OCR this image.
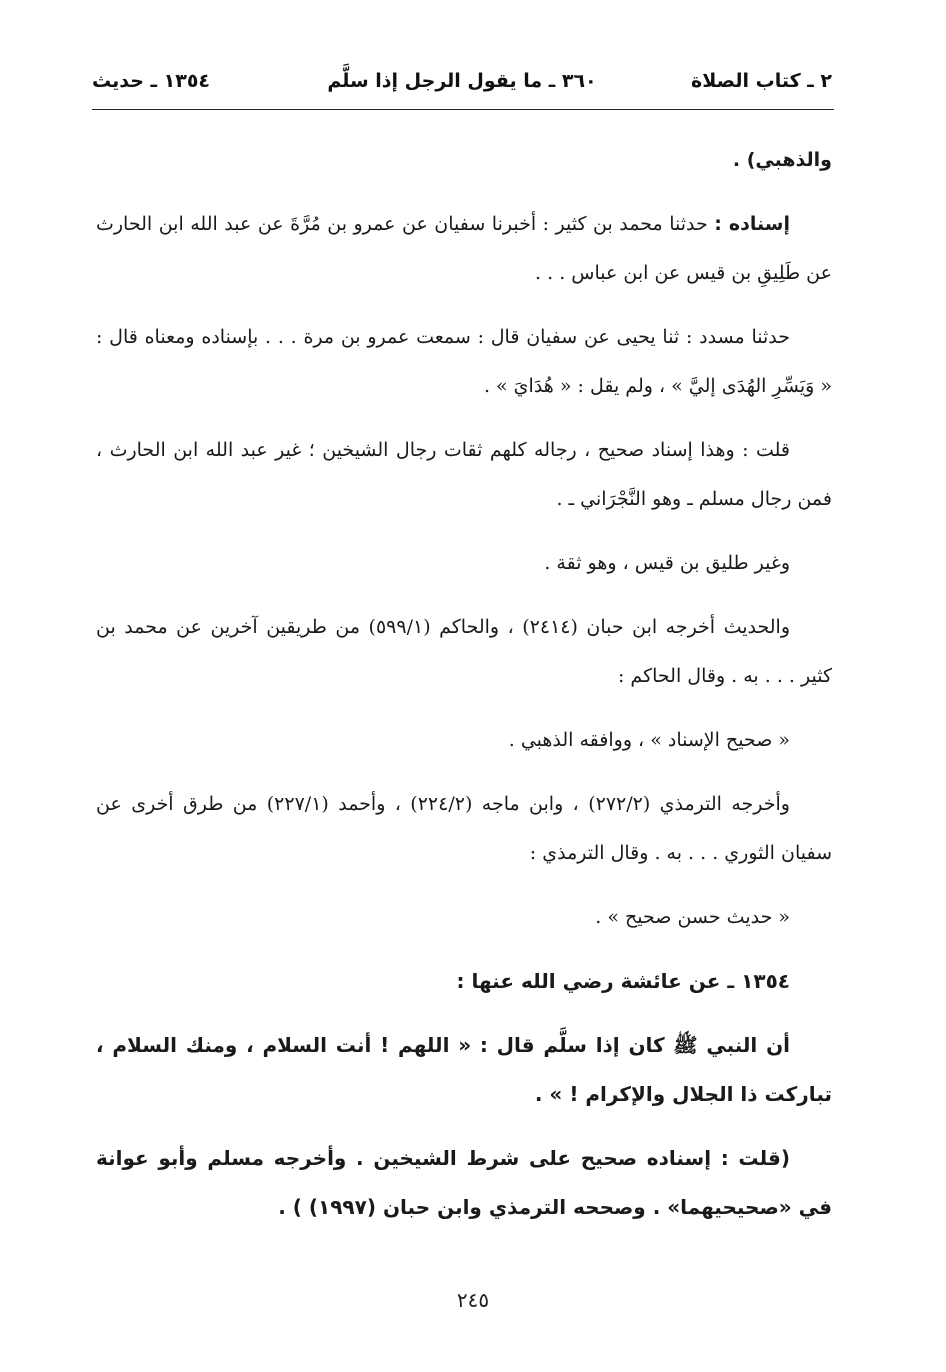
٢ ـ كتاب الصلاة
٣٦٠ ـ ما يقول الرجل إذا سلَّم
١٣٥٤ ـ حديث

والذهبي) .

إسناده : حدثنا محمد بن كثير : أخبرنا سفيان عن عمرو بن مُرَّةَ عن عبد الله ابن الحارث عن طَلِيقِ بن قيس عن ابن عباس . . .

حدثنا مسدد : ثنا يحيى عن سفيان قال : سمعت عمرو بن مرة . . . بإسناده ومعناه قال : « وَيَسِّرِ الهُدَى إليَّ » ، ولم يقل : « هُدَايَ » .

قلت : وهذا إسناد صحيح ، رجاله كلهم ثقات رجال الشيخين ؛ غير عبد الله ابن الحارث ، فمن رجال مسلم ـ وهو النَّجْرَاني ـ .

وغير طليق بن قيس ، وهو ثقة .

والحديث أخرجه ابن حبان (٢٤١٤) ، والحاكم (٥٩٩/١) من طريقين آخرين عن محمد بن كثير . . . به . وقال الحاكم :

« صحيح الإسناد » ، ووافقه الذهبي .

وأخرجه الترمذي (٢٧٢/٢) ، وابن ماجه (٢٢٤/٢) ، وأحمد (٢٢٧/١) من طرق أخرى عن سفيان الثوري . . . به . وقال الترمذي :

« حديث حسن صحيح » .

١٣٥٤ ـ عن عائشة رضي الله عنها :

أن النبي ﷺ كان إذا سلَّم قال : « اللهم ! أنت السلام ، ومنك السلام ، تباركت ذا الجلال والإكرام ! » .

(قلت : إسناده صحيح على شرط الشيخين . وأخرجه مسلم وأبو عوانة في «صحيحيهما» . وصححه الترمذي وابن حبان (١٩٩٧) ) .

٢٤٥
